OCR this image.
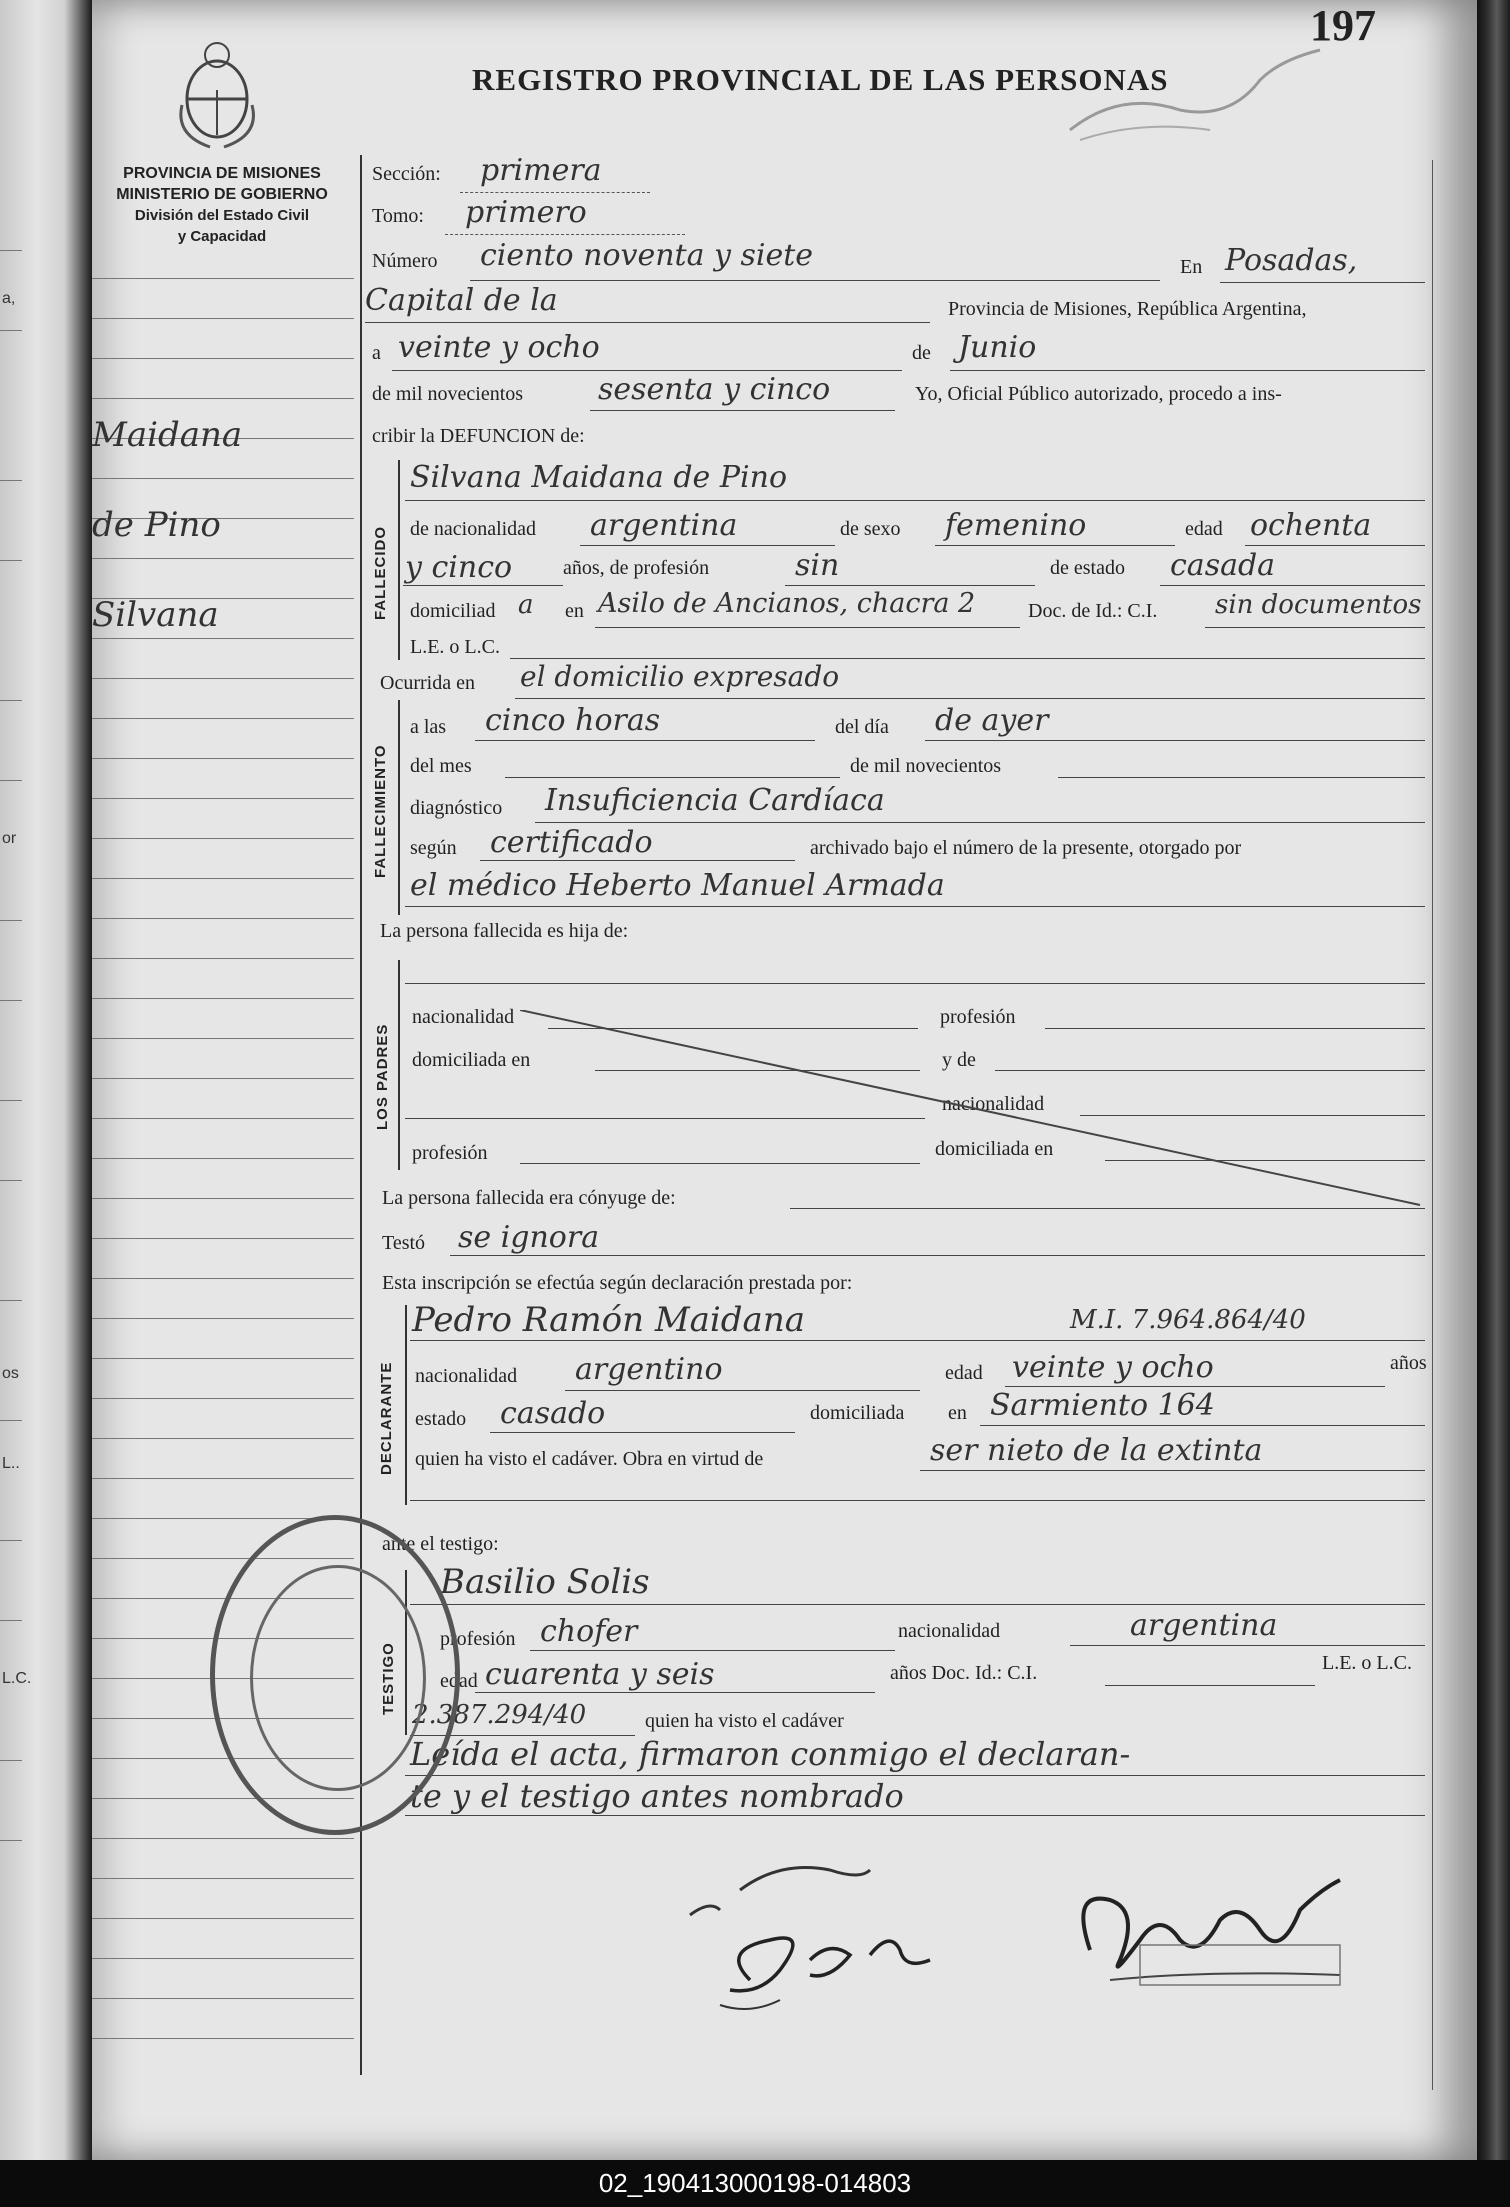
a,
or
os
L..
L.C.
197
REGISTRO PROVINCIAL DE LAS PERSONAS
PROVINCIA DE MISIONES
MINISTERIO DE GOBIERNO
División del Estado Civil
y Capacidad
Maidana
de Pino
Silvana
Sección: primera
Tomo: primero
Número ciento noventa y siete	En Posadas,
Capital de la	Provincia de Misiones, República Argentina,
a veinte y ocho	de Junio
de mil novecientos sesenta y cinco	Yo, Oficial Público autorizado, procedo a ins-
cribir la DEFUNCION de:
FALLECIDO
Silvana Maidana de Pino
de nacionalidad argentina	de sexo femenino	edad ochenta
y cinco	años, de profesión	sin	de estado casada
domiciliad a en Asilo de Ancianos, chacra 2	Doc. de Id.: C.I. sin documentos
L.E. o L.C.
Ocurrida en el domicilio expresado
FALLECIMIENTO
a las cinco horas	del día de ayer
del mes	de mil novecientos
diagnóstico Insuficiencia Cardíaca
según certificado	archivado bajo el número de la presente, otorgado por
el médico Heberto Manuel Armada
La persona fallecida es hija de:
LOS PADRES
nacionalidad	profesión
domiciliada en	y de
nacionalidad
profesión	domiciliada en
La persona fallecida era cónyuge de:
Testó se ignora
Esta inscripción se efectúa según declaración prestada por:
DECLARANTE
Pedro Ramón Maidana	M.I. 7.964.864/40
nacionalidad argentino	edad veinte y ocho	años
estado casado	domiciliada en Sarmiento 164
quien ha visto el cadáver. Obra en virtud de	ser nieto de la extinta
ante el testigo:
TESTIGO
Basilio Solis
profesión chofer	nacionalidad	argentina
edad cuarenta y seis	años Doc. Id.: C.I.	L.E. o L.C.
2.387.294/40	quien ha visto el cadáver
Leída el acta, firmaron conmigo el declaran-
te y el testigo antes nombrado
02_190413000198-014803
